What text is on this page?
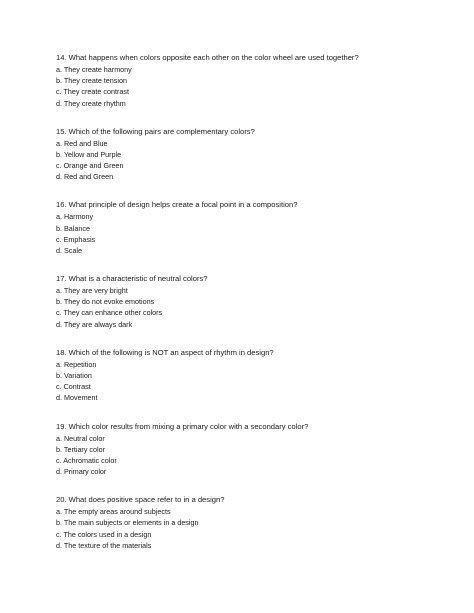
14. What happens when colors opposite each other on the color wheel are used together?

a. They create harmony

b. They create tension

c. They create contrast

d. They create rhythm

15. Which of the following pairs are complementary colors?

a. Red and Blue

b. Yellow and Purple

c. Orange and Green

d. Red and Green

16. What principle of design helps create a focal point in a composition?

a. Harmony

b. Balance

c. Emphasis

d. Scale

17. What is a characteristic of neutral colors?

a. They are very bright

b. They do not evoke emotions

c. They can enhance other colors

d. They are always dark

18. Which of the following is NOT an aspect of rhythm in design?

a. Repetition

b. Variation

c. Contrast

d. Movement

19. Which color results from mixing a primary color with a secondary color?

a. Neutral color

b. Tertiary color

c. Achromatic color

d. Primary color

20. What does positive space refer to in a design?

a. The empty areas around subjects

b. The main subjects or elements in a design

c. The colors used in a design

d. The texture of the materials
